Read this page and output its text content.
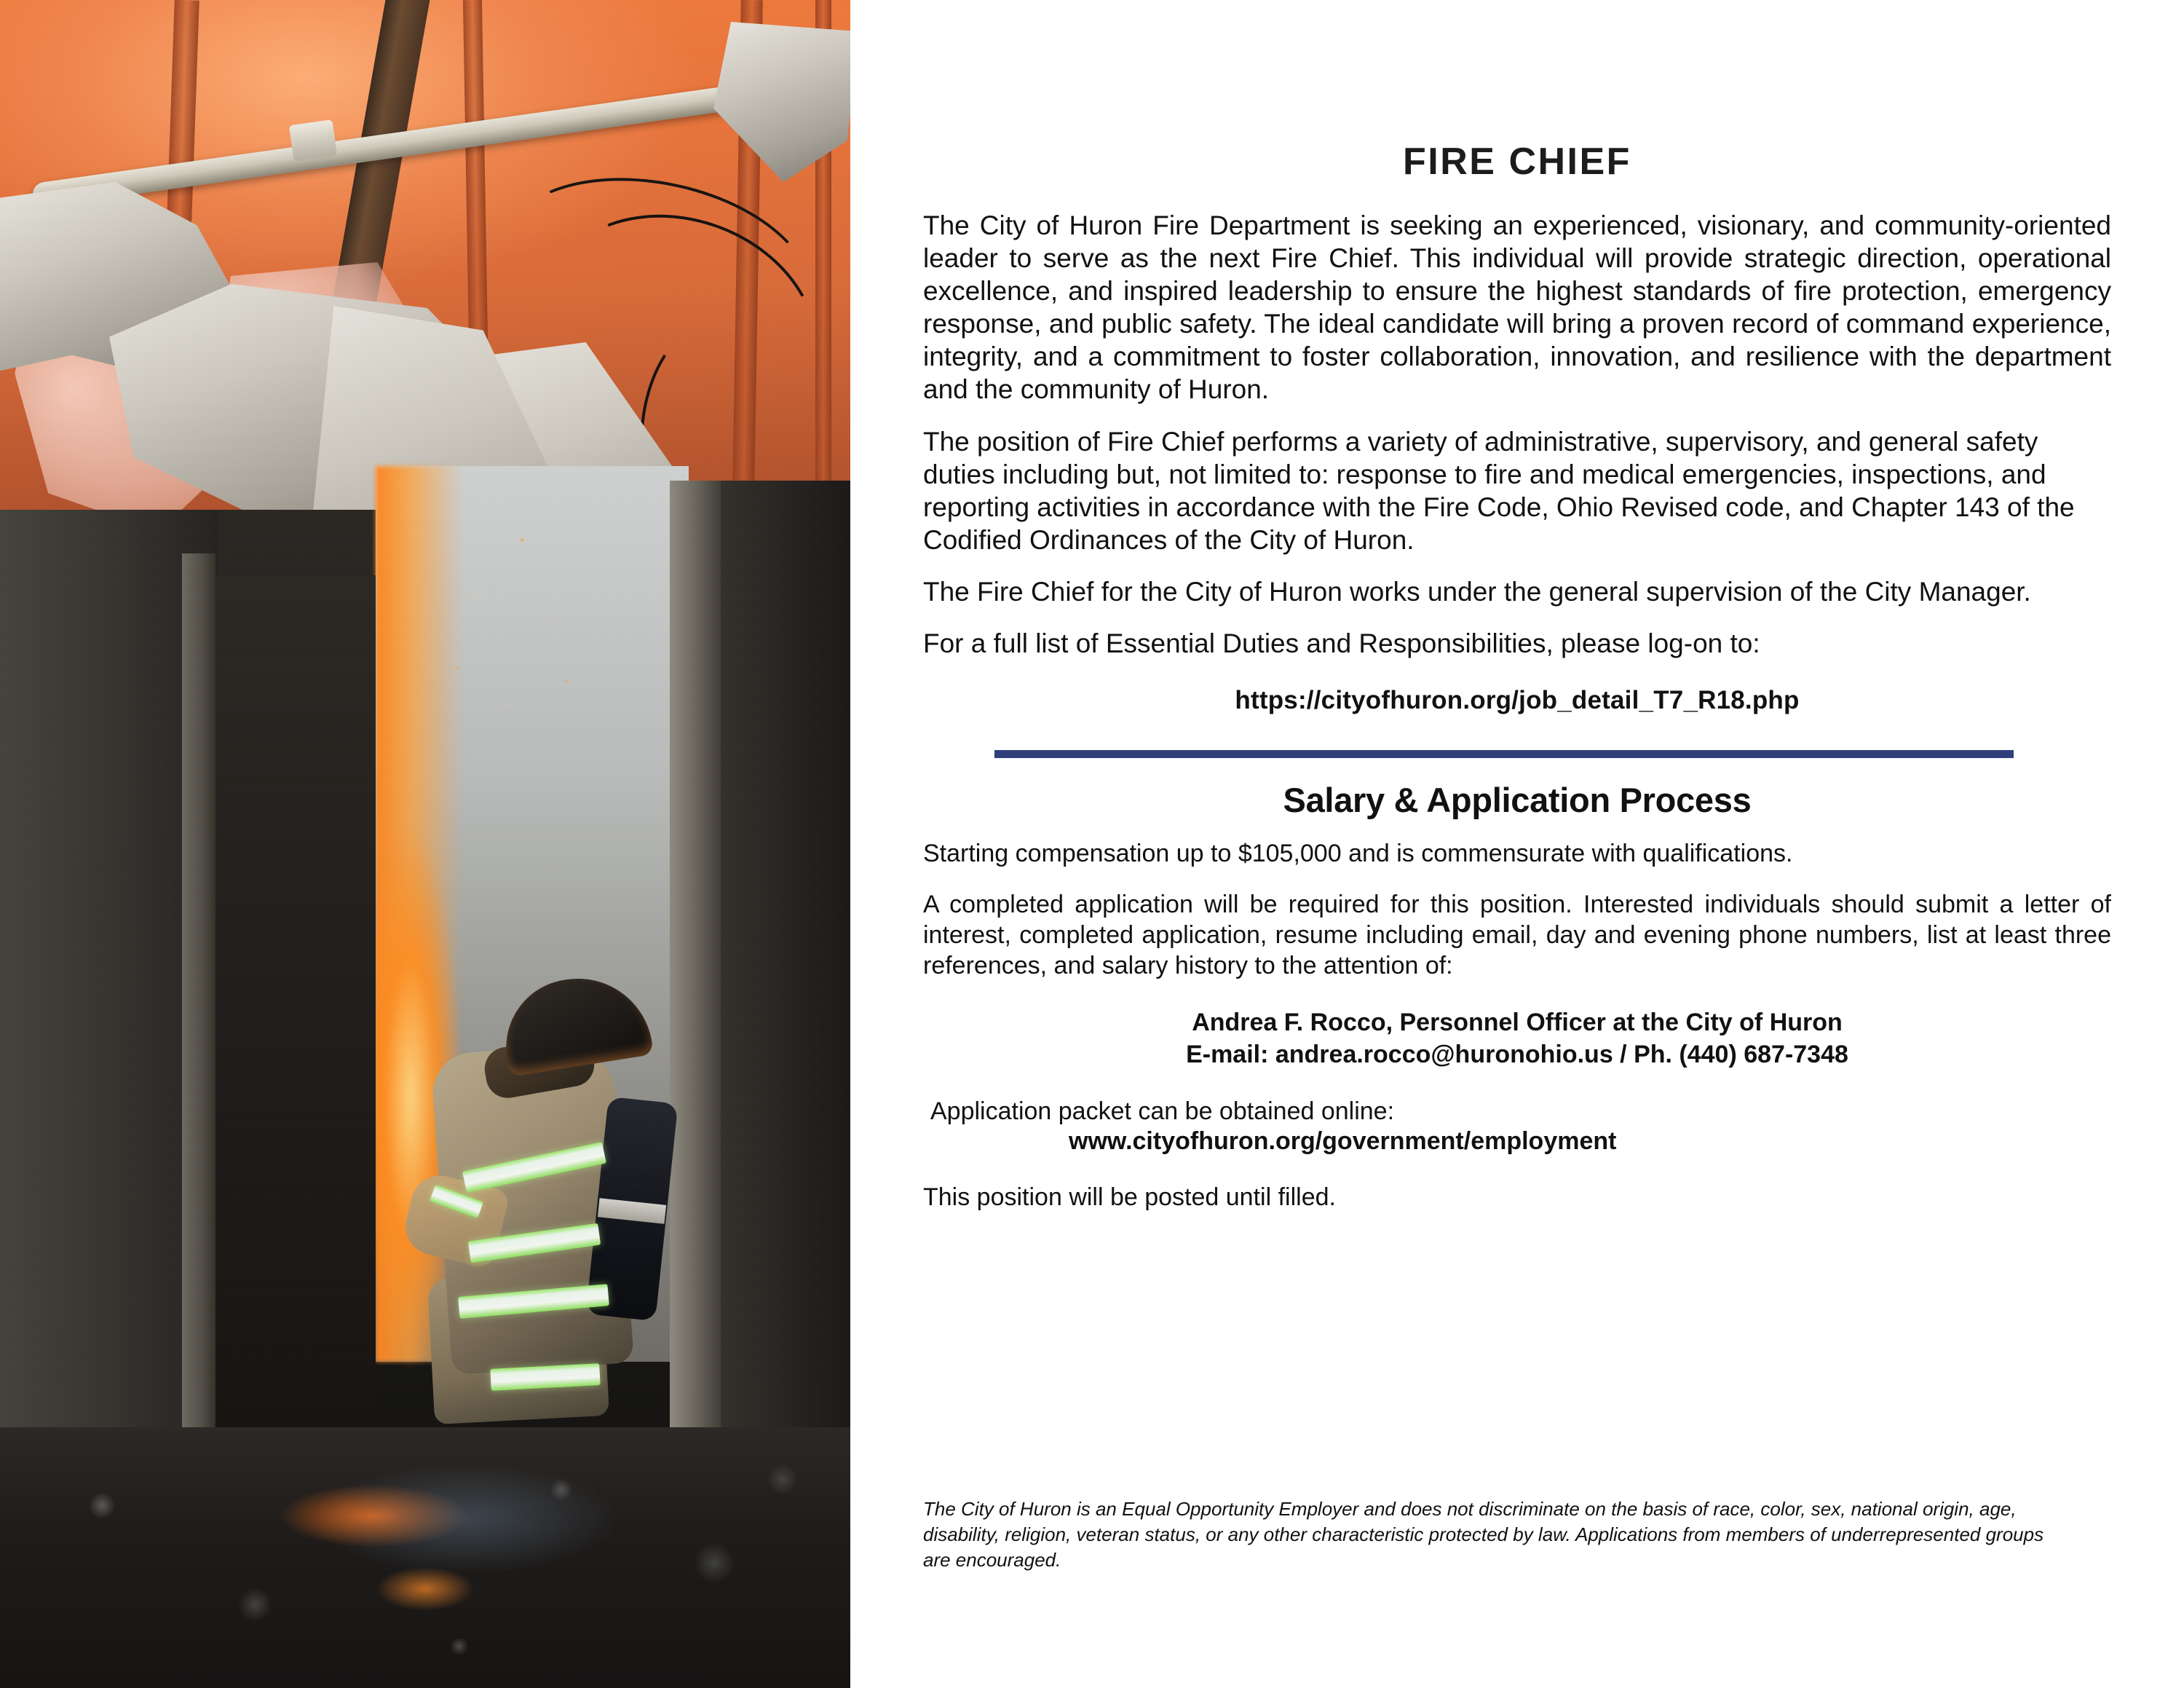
FIRE CHIEF

The City of Huron Fire Department is seeking an experienced, visionary, and community-oriented leader to serve as the next Fire Chief. This individual will provide strategic direction, operational excellence, and inspired leadership to ensure the highest standards of fire protection, emergency response, and public safety. The ideal candidate will bring a proven record of command experience, integrity, and a commitment to foster collaboration, innovation, and resilience with the department and the community of Huron.

The position of Fire Chief performs a variety of administrative, supervisory, and general safety duties including but, not limited to: response to fire and medical emergencies, inspections, and reporting activities in accordance with the Fire Code, Ohio Revised code, and Chapter 143 of the Codified Ordinances of the City of Huron.

The Fire Chief for the City of Huron works under the general supervision of the City Manager.

For a full list of Essential Duties and Responsibilities, please log-on to:

https://cityofhuron.org/job_detail_T7_R18.php
Salary & Application Process

Starting compensation up to $105,000 and is commensurate with qualifications.

A completed application will be required for this position. Interested individuals should submit a letter of interest, completed application, resume including email, day and evening phone numbers, list at least three references, and salary history to the attention of:

Andrea F. Rocco, Personnel Officer at the City of Huron
E-mail: andrea.rocco@huronohio.us / Ph. (440) 687-7348
Application packet can be obtained online:
www.cityofhuron.org/government/employment
This position will be posted until filled.

The City of Huron is an Equal Opportunity Employer and does not discriminate on the basis of race, color, sex, national origin, age, disability, religion, veteran status, or any other characteristic protected by law. Applications from members of underrepresented groups are encouraged.
